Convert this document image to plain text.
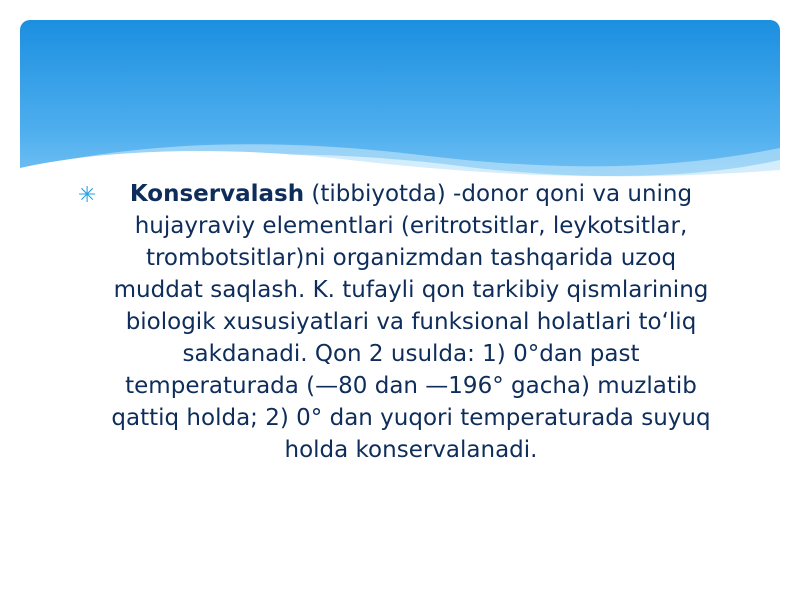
✳	Konservalash (tibbiyotda) -donor qoni va uning hujayraviy elementlari (eritrotsitlar, leykotsitlar, trombotsitlar)ni organizmdan tashqarida uzoq muddat saqlash. K. tufayli qon tarkibiy qismlarining biologik xususiyatlari va funksional holatlari toʻliq sakdanadi. Qon 2 usulda: 1) 0°dan past temperaturada (—80 dan —196° gacha) muzlatib qattiq holda; 2) 0° dan yuqori temperaturada suyuq holda konservalanadi.
